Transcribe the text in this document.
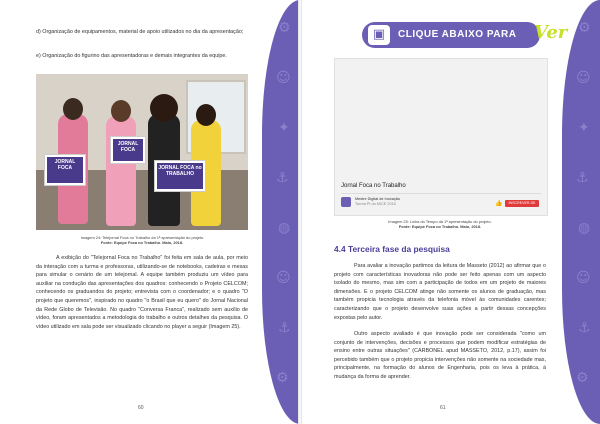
d) Organização de equipamentos, material de apoio utilizados no dia da apresentação;

e) Organização do figurino das apresentadoras e demais integrantes da equipe.

JORNAL FOCA
JORNAL FOCA
JORNAL FOCA no TRABALHO
Imagem 24: Telejornal Foca no Trabalho da 1ª apresentação do projeto
Fonte: Equipe Foca no Trabalho. Maio, 2018.

A exibição do "Telejornal Foca no Trabalho" foi feita em sala de aula, por meio da interação com a turma e professoras, utilizando-se de notebooks, cadeiras e mesas para simular o cenário de um telejornal. A equipe também produziu um vídeo para auxiliar na condução das apresentações dos quadros: conhecendo o Projeto CELCOM; conhecendo os graduandos do projeto; entrevista com o coordenador; e o quadro "O projeto que queremos", inspirado no quadro "o Brasil que eu quero" do Jornal Nacional da Rede Globo de Televisão. No quadro "Conversa Franca", realizado sem auxílio de vídeo, foram apresentados a metodologia do trabalho e outros detalhes da pesquisa. O vídeo utilizado em sala pode ser visualizado clicando no player a seguir (Imagem 25).

60
⚙
☺
✦
⚓
◍
☺
⚓
⚙
▣	CLIQUE ABAIXO PARA Ver
Jornal Foca no Trabalho
Mestre Digital de Inovação
Turma PI do MICE 2018	👍	INSCREVER-SE
Imagem 25: Linha do Tempo da 1ª apresentação do projeto.
Fonte: Equipe Foca no Trabalho. Maio, 2018.
4.4 Terceira fase da pesquisa

Para avaliar a inovação partimos da leitura de Masseto (2012) ao afirmar que o projeto com características inovadoras não pode ser feito apenas com um aspecto isolado do mesmo, mas sim com a participação de todos em um projeto de maiores dimensões. E o projeto CELCOM atinge não somente os alunos de graduação, mas também propicia tecnologia através da telefonia móvel às comunidades carentes; caracterizando que o projeto desenvolve suas ações a partir dessas concepções expostas pelo autor.

Outro aspecto avaliado é que inovação pode ser considerada "como um conjunto de intervenções, decisões e processos que podem modificar estratégias de ensino entre outras situações" (CARBONEL apud MASSETO, 2012, p.17), assim foi percebido também que o projeto propicia intervenções não somente na sociedade mas, principalmente, na formação do alunos de Engenharia, pois os leva à prática, à mudança da forma de aprender.

61
⚙
☺
✦
⚓
◍
☺
⚓
⚙
